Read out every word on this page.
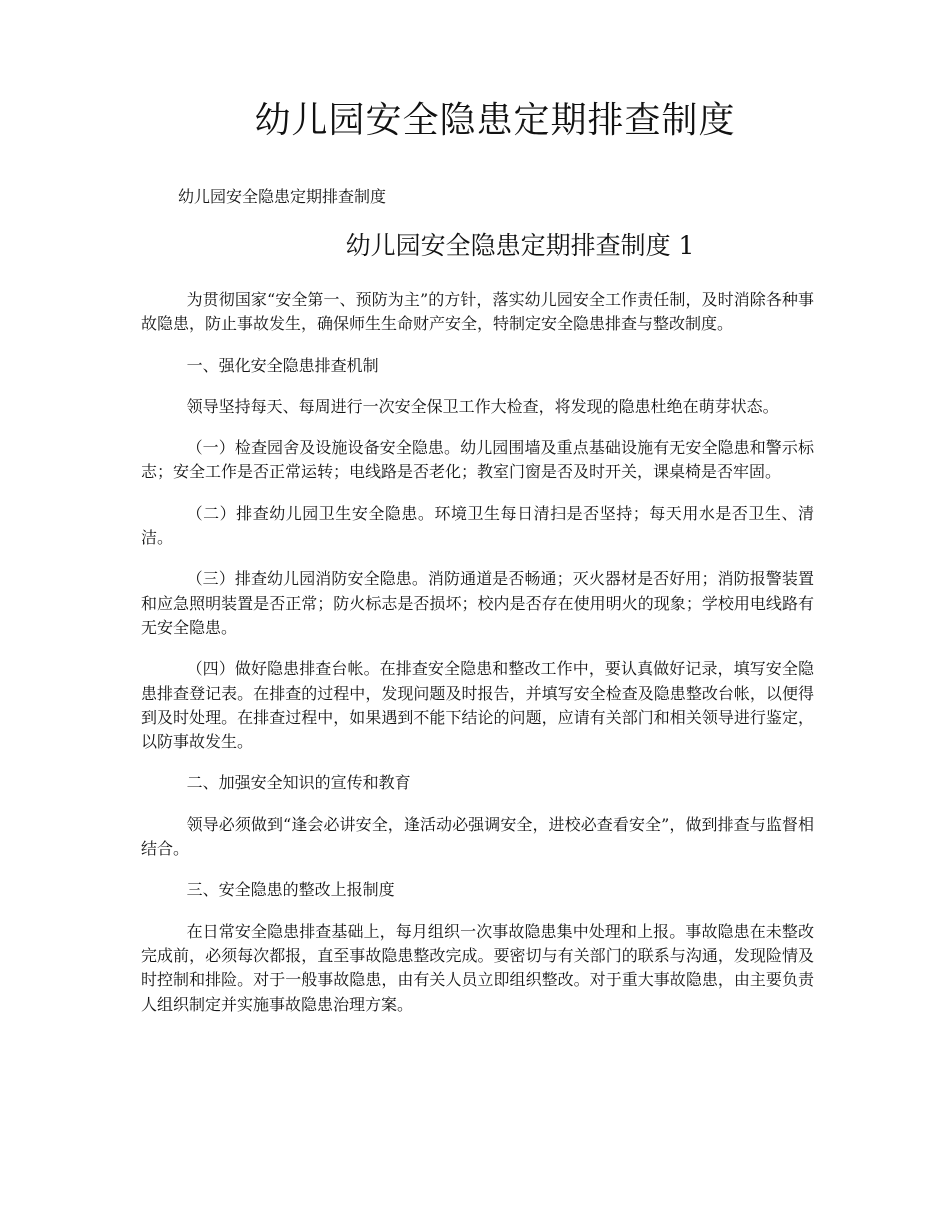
幼儿园安全隐患定期排查制度

幼儿园安全隐患定期排查制度

幼儿园安全隐患定期排查制度 1

为贯彻国家“安全第一、预防为主”的方针，落实幼儿园安全工作责任制，及时消除各种事故隐患，防止事故发生，确保师生生命财产安全，特制定安全隐患排查与整改制度。

一、强化安全隐患排查机制

领导坚持每天、每周进行一次安全保卫工作大检查，将发现的隐患杜绝在萌芽状态。

（一）检查园舍及设施设备安全隐患。幼儿园围墙及重点基础设施有无安全隐患和警示标志；安全工作是否正常运转；电线路是否老化；教室门窗是否及时开关，课桌椅是否牢固。

（二）排查幼儿园卫生安全隐患。环境卫生每日清扫是否坚持；每天用水是否卫生、清洁。

（三）排查幼儿园消防安全隐患。消防通道是否畅通；灭火器材是否好用；消防报警装置和应急照明装置是否正常；防火标志是否损坏；校内是否存在使用明火的现象；学校用电线路有无安全隐患。

（四）做好隐患排查台帐。在排查安全隐患和整改工作中，要认真做好记录，填写安全隐患排查登记表。在排查的过程中，发现问题及时报告，并填写安全检查及隐患整改台帐，以便得到及时处理。在排查过程中，如果遇到不能下结论的问题，应请有关部门和相关领导进行鉴定，以防事故发生。

二、加强安全知识的宣传和教育

领导必须做到“逢会必讲安全，逢活动必强调安全，进校必查看安全”，做到排查与监督相结合。

三、安全隐患的整改上报制度

在日常安全隐患排查基础上，每月组织一次事故隐患集中处理和上报。事故隐患在未整改完成前，必须每次都报，直至事故隐患整改完成。要密切与有关部门的联系与沟通，发现险情及时控制和排险。对于一般事故隐患，由有关人员立即组织整改。对于重大事故隐患，由主要负责人组织制定并实施事故隐患治理方案。
